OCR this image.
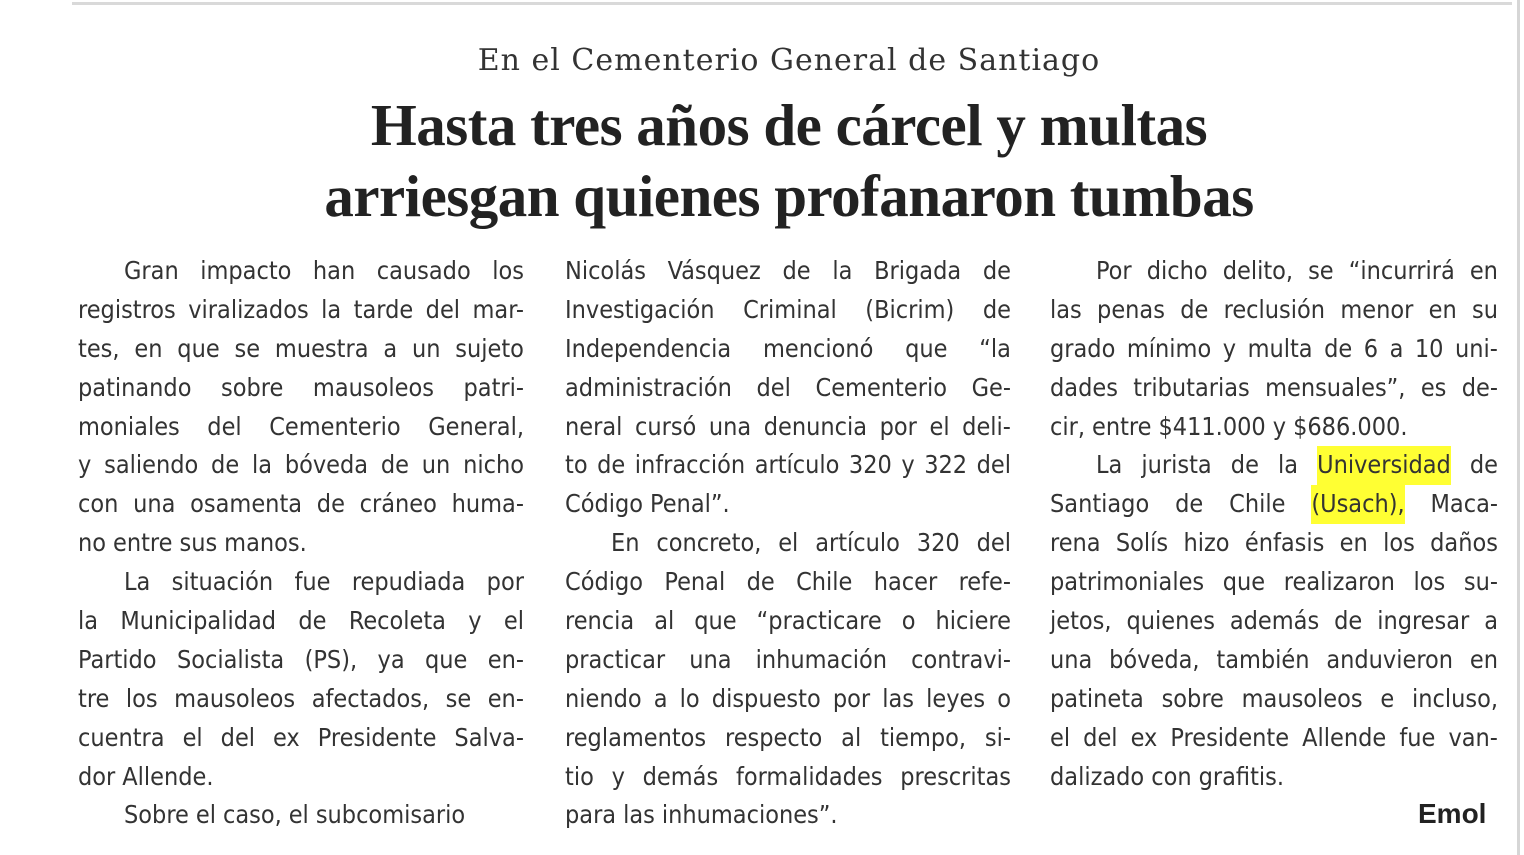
En el Cementerio General de Santiago
Hasta tres años de cárcel y multas
arriesgan quienes profanaron tumbas
Gran impacto han causado los
registros viralizados la tarde del mar-
tes, en que se muestra a un sujeto
patinando sobre mausoleos patri-
moniales del Cementerio General,
y saliendo de la bóveda de un nicho
con una osamenta de cráneo huma-
no entre sus manos.
La situación fue repudiada por
la Municipalidad de Recoleta y el
Partido Socialista (PS), ya que en-
tre los mausoleos afectados, se en-
cuentra el del ex Presidente Salva-
dor Allende.
Sobre el caso, el subcomisario
Nicolás Vásquez de la Brigada de
Investigación Criminal (Bicrim) de
Independencia mencionó que “la
administración del Cementerio Ge-
neral cursó una denuncia por el deli-
to de infracción artículo 320 y 322 del
Código Penal”.
En concreto, el artículo 320 del
Código Penal de Chile hacer refe-
rencia al que “practicare o hiciere
practicar una inhumación contravi-
niendo a lo dispuesto por las leyes o
reglamentos respecto al tiempo, si-
tio y demás formalidades prescritas
para las inhumaciones”.
Por dicho delito, se “incurrirá en
las penas de reclusión menor en su
grado mínimo y multa de 6 a 10 uni-
dades tributarias mensuales”, es de-
cir, entre $411.000 y $686.000.
La jurista de la Universidad de
Santiago de Chile (Usach), Maca-
rena Solís hizo énfasis en los daños
patrimoniales que realizaron los su-
jetos, quienes además de ingresar a
una bóveda, también anduvieron en
patineta sobre mausoleos e incluso,
el del ex Presidente Allende fue van-
dalizado con grafitis.
Emol
